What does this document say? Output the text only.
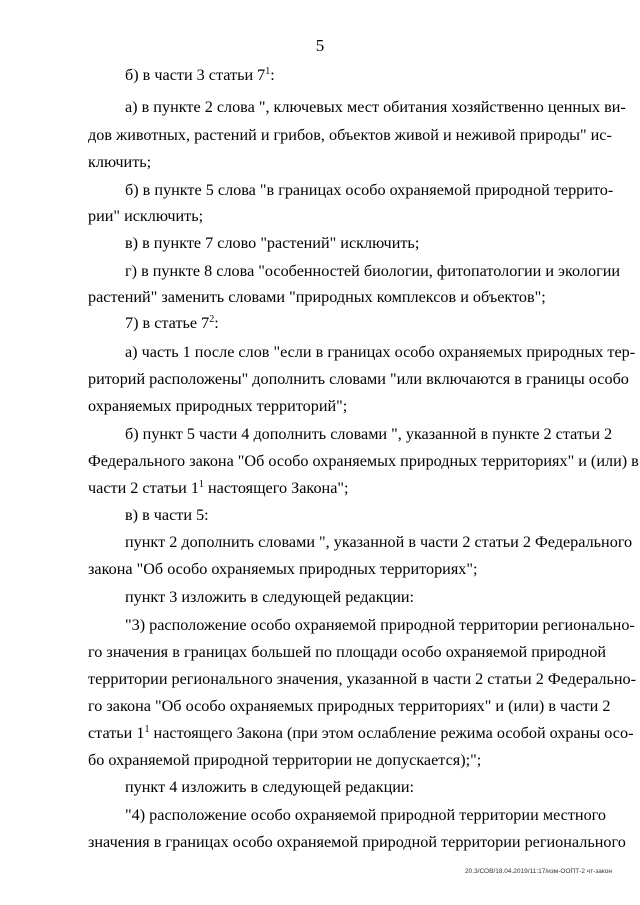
5
б) в части 3 статьи $7^1$:
а) в пункте 2 слова ", ключевых мест обитания хозяйственно ценных ви-
дов животных, растений и грибов, объектов живой и неживой природы" ис-
ключить;
б) в пункте 5 слова "в границах особо охраняемой природной террито-
рии" исключить;
в) в пункте 7 слово "растений" исключить;
г) в пункте 8 слова "особенностей биологии, фитопатологии и экологии
растений" заменить словами "природных комплексов и объектов";
7) в статье $7^2$:
а) часть 1 после слов "если в границах особо охраняемых природных тер-
риторий расположены" дополнить словами "или включаются в границы особо
охраняемых природных территорий";
б) пункт 5 части 4 дополнить словами ", указанной в пункте 2 статьи 2
Федерального закона "Об особо охраняемых природных территориях" и (или) в
части 2 статьи $1^1$ настоящего Закона";
в) в части 5:
пункт 2 дополнить словами ", указанной в части 2 статьи 2 Федерального
закона "Об особо охраняемых природных территориях";
пункт 3 изложить в следующей редакции:
"3) расположение особо охраняемой природной территории регионально-
го значения в границах большей по площади особо охраняемой природной
территории регионального значения, указанной в части 2 статьи 2 Федерально-
го закона "Об особо охраняемых природных территориях" и (или) в части 2
статьи $1^1$ настоящего Закона (при этом ослабление режима особой охраны осо-
бо охраняемой природной территории не допускается);";
пункт 4 изложить в следующей редакции:
"4) расположение особо охраняемой природной территории местного
значения в границах особо охраняемой природной территории регионального
20.3/СОВ/18.04.2019/11:17/изм-ООПТ-2 чт-закон
